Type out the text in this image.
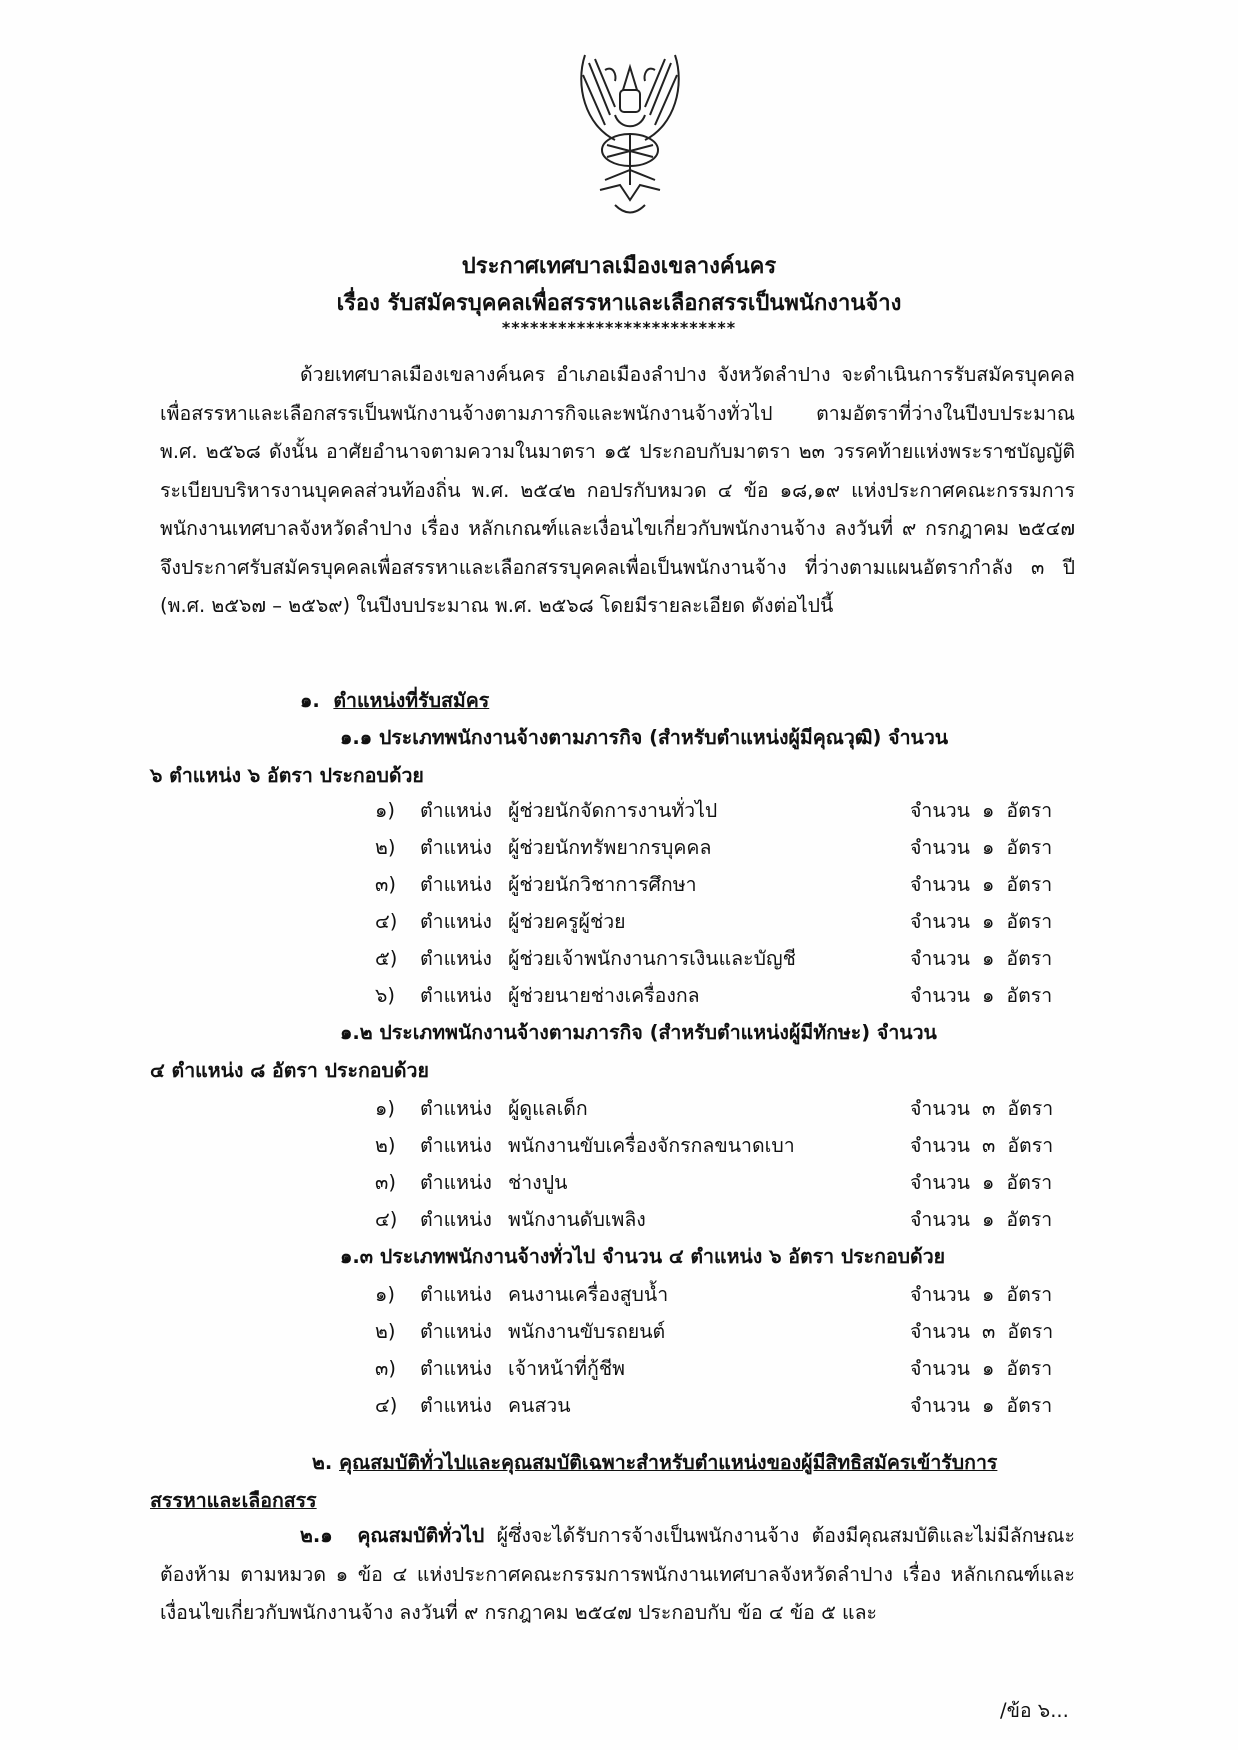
ประกาศเทศบาลเมืองเขลางค์นคร
เรื่อง รับสมัครบุคคลเพื่อสรรหาและเลือกสรรเป็นพนักงานจ้าง
*************************
ด้วยเทศบาลเมืองเขลางค์นคร อำเภอเมืองลำปาง จังหวัดลำปาง จะดำเนินการรับสมัครบุคคลเพื่อสรรหาและเลือกสรรเป็นพนักงานจ้างตามภารกิจและพนักงานจ้างทั่วไป ตามอัตราที่ว่างในปีงบประมาณ พ.ศ. ๒๕๖๘ ดังนั้น อาศัยอำนาจตามความในมาตรา ๑๕ ประกอบกับมาตรา ๒๓ วรรคท้ายแห่งพระราชบัญญัติระเบียบบริหารงานบุคคลส่วนท้องถิ่น พ.ศ. ๒๕๔๒ กอปรกับหมวด ๔ ข้อ ๑๘,๑๙ แห่งประกาศคณะกรรมการพนักงานเทศบาลจังหวัดลำปาง เรื่อง หลักเกณฑ์และเงื่อนไขเกี่ยวกับพนักงานจ้าง ลงวันที่ ๙ กรกฎาคม ๒๕๔๗ จึงประกาศรับสมัครบุคคลเพื่อสรรหาและเลือกสรรบุคคลเพื่อเป็นพนักงานจ้าง ที่ว่างตามแผนอัตรากำลัง ๓ ปี (พ.ศ. ๒๕๖๗ – ๒๕๖๙) ในปีงบประมาณ พ.ศ. ๒๕๖๘ โดยมีรายละเอียด ดังต่อไปนี้
๑. ตำแหน่งที่รับสมัคร
๑.๑ ประเภทพนักงานจ้างตามภารกิจ (สำหรับตำแหน่งผู้มีคุณวุฒิ) จำนวน
๖ ตำแหน่ง ๖ อัตรา ประกอบด้วย
๑) ตำแหน่ง ผู้ช่วยนักจัดการงานทั่วไป	จำนวน ๑ อัตรา
๒) ตำแหน่ง ผู้ช่วยนักทรัพยากรบุคคล	จำนวน ๑ อัตรา
๓) ตำแหน่ง ผู้ช่วยนักวิชาการศึกษา	จำนวน ๑ อัตรา
๔) ตำแหน่ง ผู้ช่วยครูผู้ช่วย	จำนวน ๑ อัตรา
๕) ตำแหน่ง ผู้ช่วยเจ้าพนักงานการเงินและบัญชี	จำนวน ๑ อัตรา
๖) ตำแหน่ง ผู้ช่วยนายช่างเครื่องกล	จำนวน ๑ อัตรา
๑.๒ ประเภทพนักงานจ้างตามภารกิจ (สำหรับตำแหน่งผู้มีทักษะ) จำนวน
๔ ตำแหน่ง ๘ อัตรา ประกอบด้วย
๑) ตำแหน่ง ผู้ดูแลเด็ก	จำนวน ๓ อัตรา
๒) ตำแหน่ง พนักงานขับเครื่องจักรกลขนาดเบา	จำนวน ๓ อัตรา
๓) ตำแหน่ง ช่างปูน	จำนวน ๑ อัตรา
๔) ตำแหน่ง พนักงานดับเพลิง	จำนวน ๑ อัตรา
๑.๓ ประเภทพนักงานจ้างทั่วไป จำนวน ๔ ตำแหน่ง ๖ อัตรา ประกอบด้วย
๑) ตำแหน่ง คนงานเครื่องสูบน้ำ	จำนวน ๑ อัตรา
๒) ตำแหน่ง พนักงานขับรถยนต์	จำนวน ๓ อัตรา
๓) ตำแหน่ง เจ้าหน้าที่กู้ชีพ	จำนวน ๑ อัตรา
๔) ตำแหน่ง คนสวน	จำนวน ๑ อัตรา
๒. คุณสมบัติทั่วไปและคุณสมบัติเฉพาะสำหรับตำแหน่งของผู้มีสิทธิสมัครเข้ารับการ
สรรหาและเลือกสรร
๒.๑ คุณสมบัติทั่วไป ผู้ซึ่งจะได้รับการจ้างเป็นพนักงานจ้าง ต้องมีคุณสมบัติและไม่มีลักษณะต้องห้าม ตามหมวด ๑ ข้อ ๔ แห่งประกาศคณะกรรมการพนักงานเทศบาลจังหวัดลำปาง เรื่อง หลักเกณฑ์และเงื่อนไขเกี่ยวกับพนักงานจ้าง ลงวันที่ ๙ กรกฎาคม ๒๕๔๗ ประกอบกับ ข้อ ๔ ข้อ ๕ และ
/ข้อ ๖...
